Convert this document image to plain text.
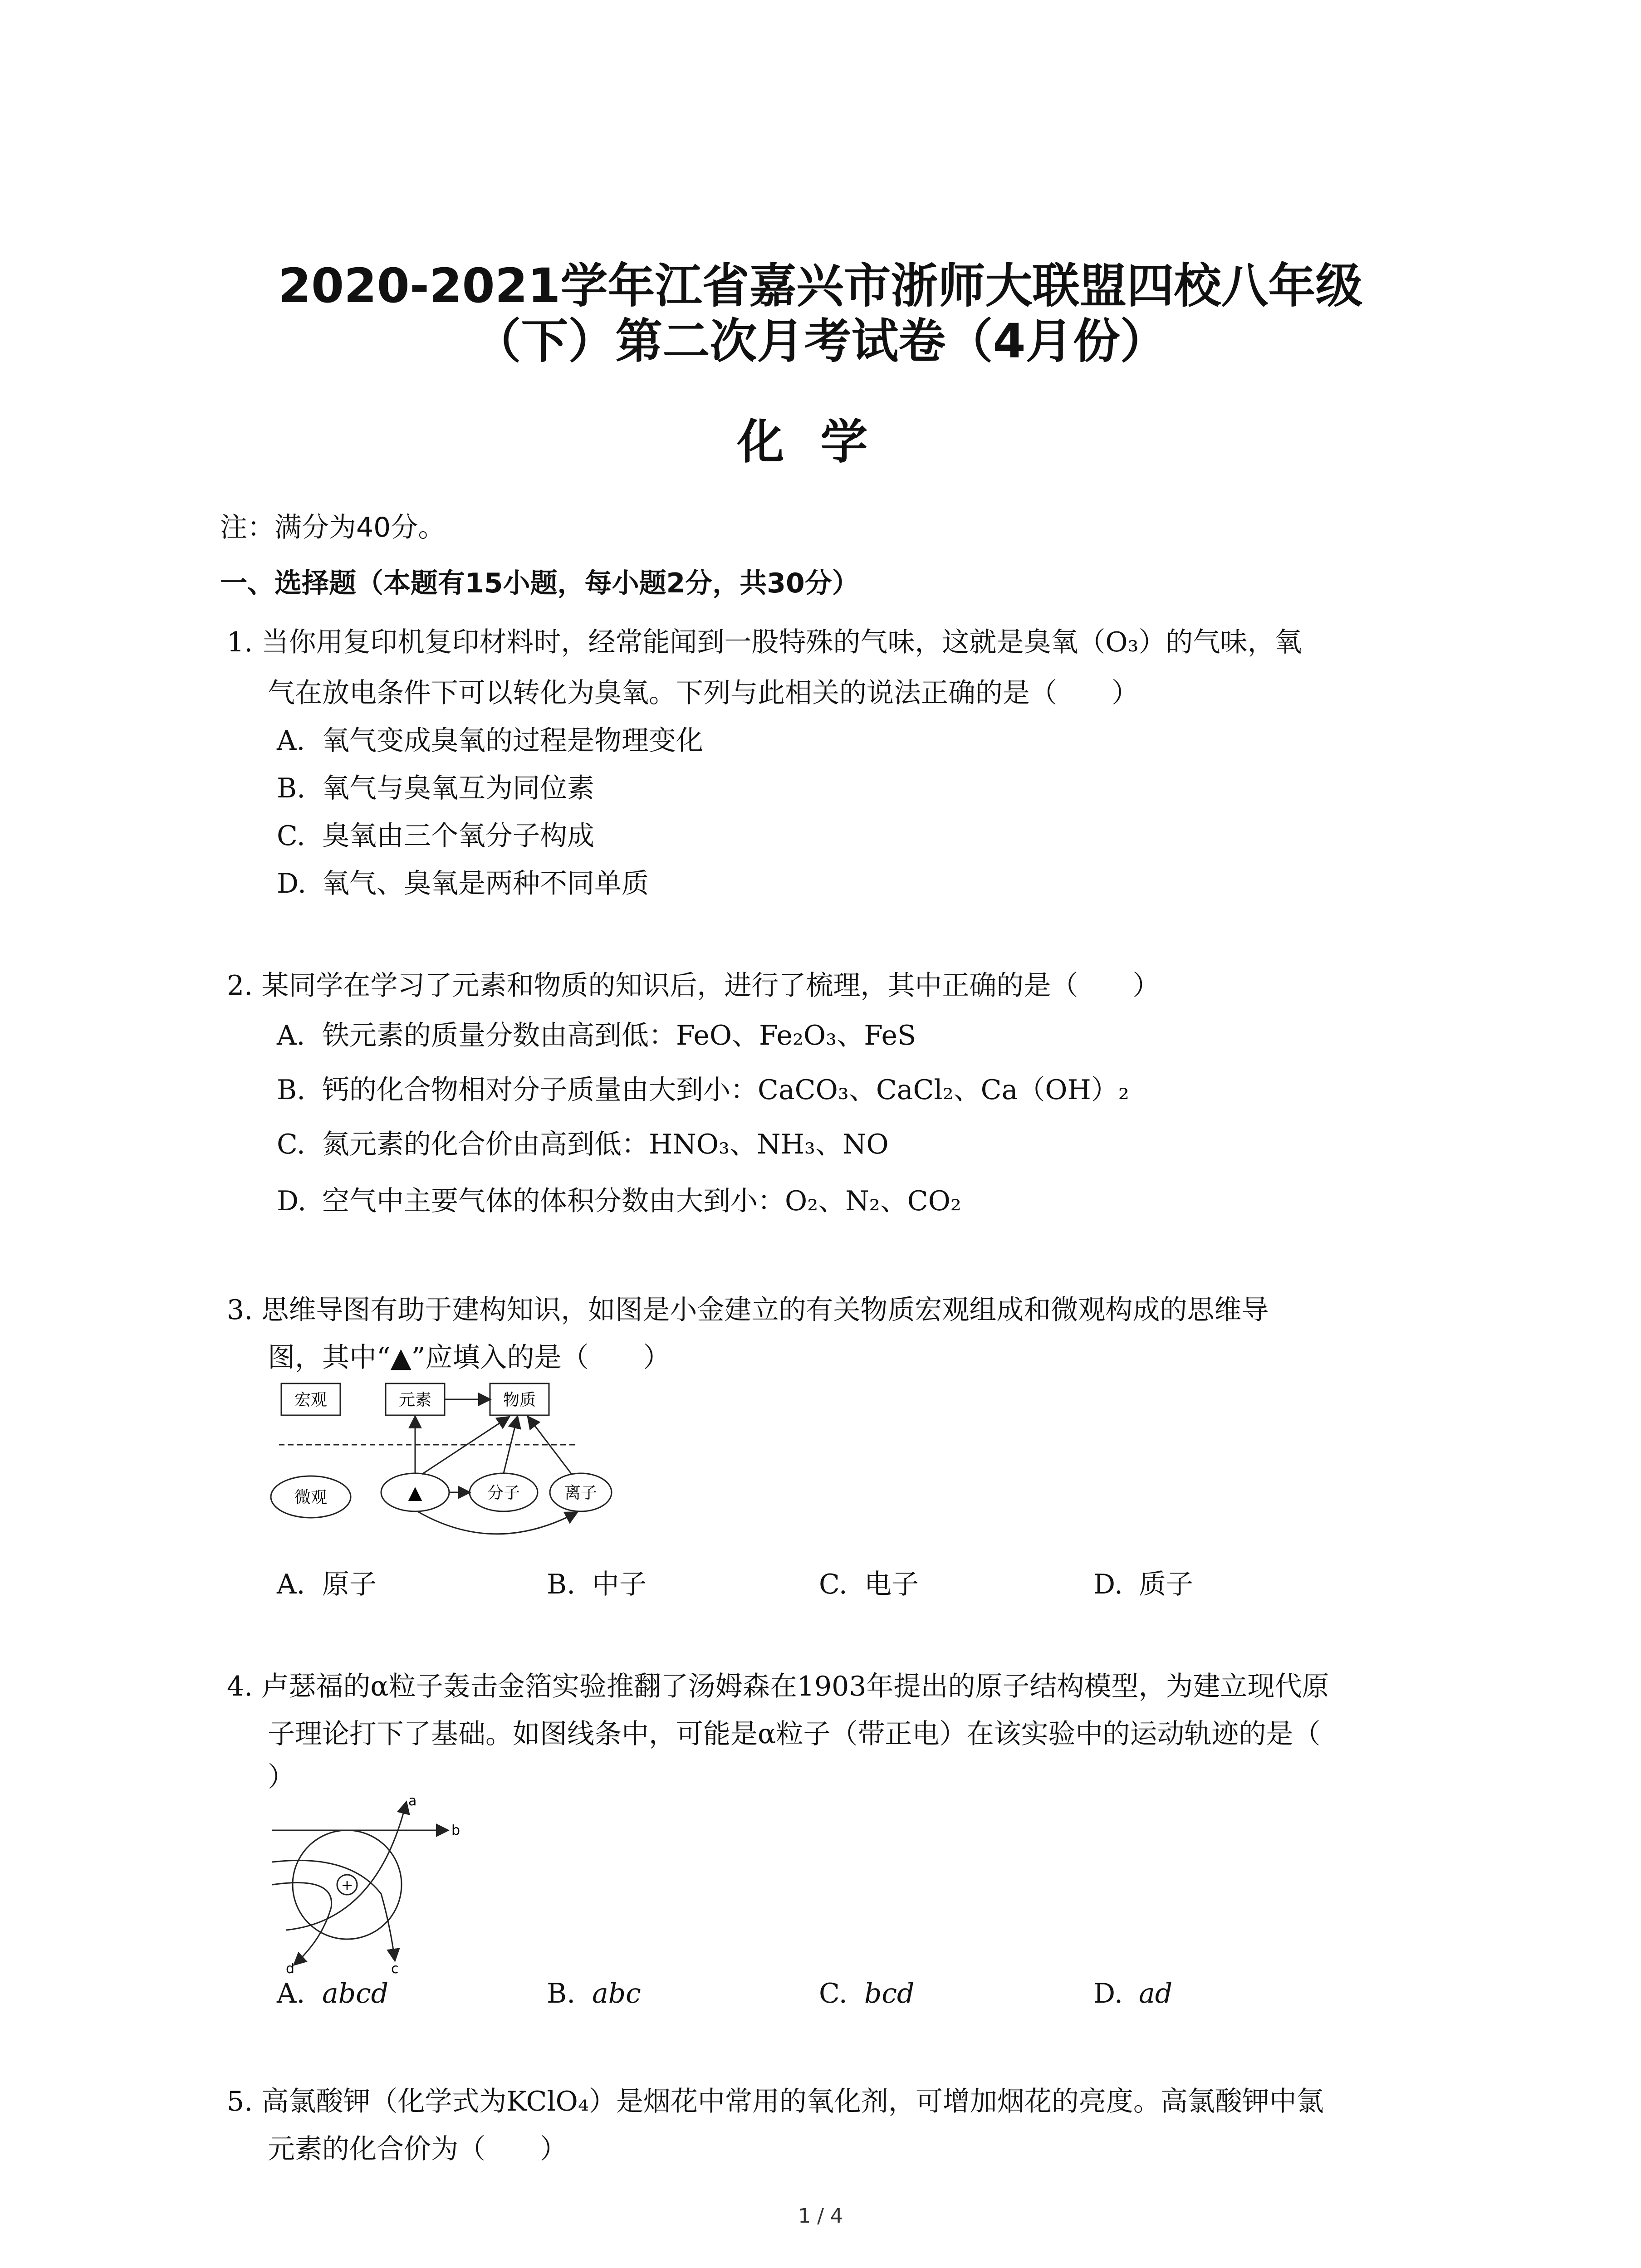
2020-2021学年江省嘉兴市浙师大联盟四校八年级
（下）第二次月考试卷（4月份）
化学
注：满分为40分。
一、选择题（本题有15小题，每小题2分，共30分）
1. 当你用复印机复印材料时，经常能闻到一股特殊的气味，这就是臭氧（O₃）的气味，氧
气在放电条件下可以转化为臭氧。下列与此相关的说法正确的是（　　）
A. 氧气变成臭氧的过程是物理变化
B. 氧气与臭氧互为同位素
C. 臭氧由三个氧分子构成
D. 氧气、臭氧是两种不同单质
2. 某同学在学习了元素和物质的知识后，进行了梳理，其中正确的是（　　）
A. 铁元素的质量分数由高到低：FeO、Fe₂O₃、FeS
B. 钙的化合物相对分子质量由大到小：CaCO₃、CaCl₂、Ca（OH）₂
C. 氮元素的化合价由高到低：HNO₃、NH₃、NO
D. 空气中主要气体的体积分数由大到小：O₂、N₂、CO₂
3. 思维导图有助于建构知识，如图是小金建立的有关物质宏观组成和微观构成的思维导
图，其中“▲”应填入的是（　　）
宏观	元素	物质
微观	▲	分子	离子
A. 原子	B. 中子	C. 电子	D. 质子
4. 卢瑟福的α粒子轰击金箔实验推翻了汤姆森在1903年提出的原子结构模型，为建立现代原
子理论打下了基础。如图线条中，可能是α粒子（带正电）在该实验中的运动轨迹的是（
）
+
b
a
c
d
A. abcd	B. abc	C. bcd	D. ad
5. 高氯酸钾（化学式为KClO₄）是烟花中常用的氧化剂，可增加烟花的亮度。高氯酸钾中氯
元素的化合价为（　　）
1 / 4
